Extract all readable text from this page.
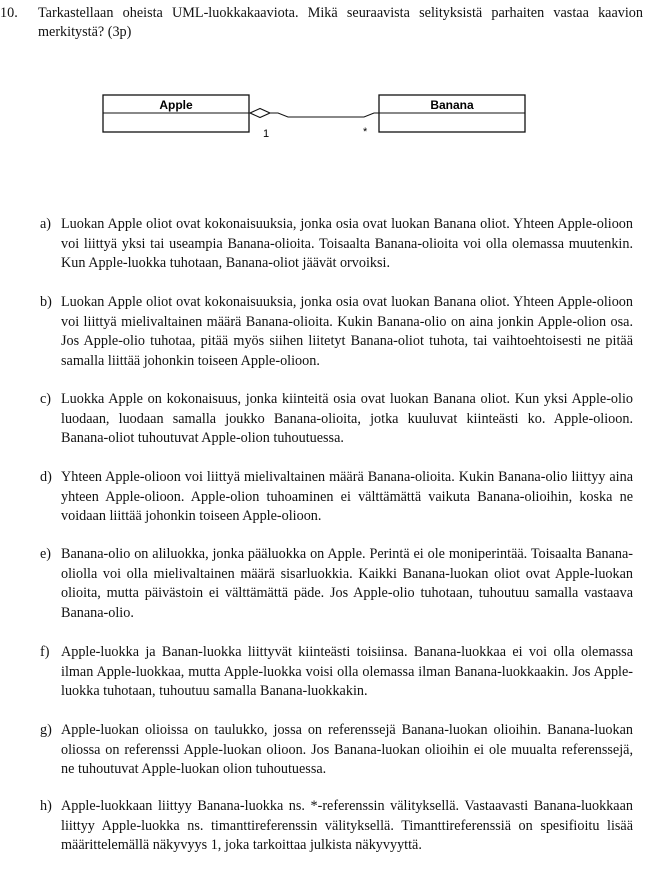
10. Tarkastellaan oheista UML-luokkakaaviota. Mikä seuraavista selityksistä parhaiten vastaa kaavion merkitystä? (3p)
Apple	Banana
1	*
a) Luokan Apple oliot ovat kokonaisuuksia, jonka osia ovat luokan Banana oliot. Yhteen Apple-olioon voi liittyä yksi tai useampia Banana-olioita. Toisaalta Banana-olioita voi olla olemassa muutenkin. Kun Apple-luokka tuhotaan, Banana-oliot jäävät orvoiksi.
b) Luokan Apple oliot ovat kokonaisuuksia, jonka osia ovat luokan Banana oliot. Yhteen Apple-olioon voi liittyä mielivaltainen määrä Banana-olioita. Kukin Banana-olio on aina jonkin Apple-olion osa. Jos Apple-olio tuhotaa, pitää myös siihen liitetyt Banana-oliot tuhota, tai vaihtoehtoisesti ne pitää samalla liittää johonkin toiseen Apple-olioon.
c) Luokka Apple on kokonaisuus, jonka kiinteitä osia ovat luokan Banana oliot. Kun yksi Apple-olio luodaan, luodaan samalla joukko Banana-olioita, jotka kuuluvat kiinteästi ko. Apple-olioon. Banana-oliot tuhoutuvat Apple-olion tuhoutuessa.
d) Yhteen Apple-olioon voi liittyä mielivaltainen määrä Banana-olioita. Kukin Banana-olio liittyy aina yhteen Apple-olioon. Apple-olion tuhoaminen ei välttämättä vaikuta Banana-olioihin, koska ne voidaan liittää johonkin toiseen Apple-olioon.
e) Banana-olio on aliluokka, jonka pääluokka on Apple. Perintä ei ole moniperintää. Toisaalta Banana-oliolla voi olla mielivaltainen määrä sisarluokkia. Kaikki Banana-luokan oliot ovat Apple-luokan olioita, mutta päivästoin ei välttämättä päde. Jos Apple-olio tuhotaan, tuhoutuu samalla vastaava Banana-olio.
f) Apple-luokka ja Banan-luokka liittyvät kiinteästi toisiinsa. Banana-luokkaa ei voi olla olemassa ilman Apple-luokkaa, mutta Apple-luokka voisi olla olemassa ilman Banana-luokkaakin. Jos Apple-luokka tuhotaan, tuhoutuu samalla Banana-luokkakin.
g) Apple-luokan olioissa on taulukko, jossa on referenssejä Banana-luokan olioihin. Banana-luokan oliossa on referenssi Apple-luokan olioon. Jos Banana-luokan olioihin ei ole muualta referenssejä, ne tuhoutuvat Apple-luokan olion tuhoutuessa.
h) Apple-luokkaan liittyy Banana-luokka ns. *-referenssin välityksellä. Vastaavasti Banana-luokkaan liittyy Apple-luokka ns. timanttireferenssin välityksellä. Timanttireferenssiä on spesifioitu lisää määrittelemällä näkyvyys 1, joka tarkoittaa julkista näkyvyyttä.
